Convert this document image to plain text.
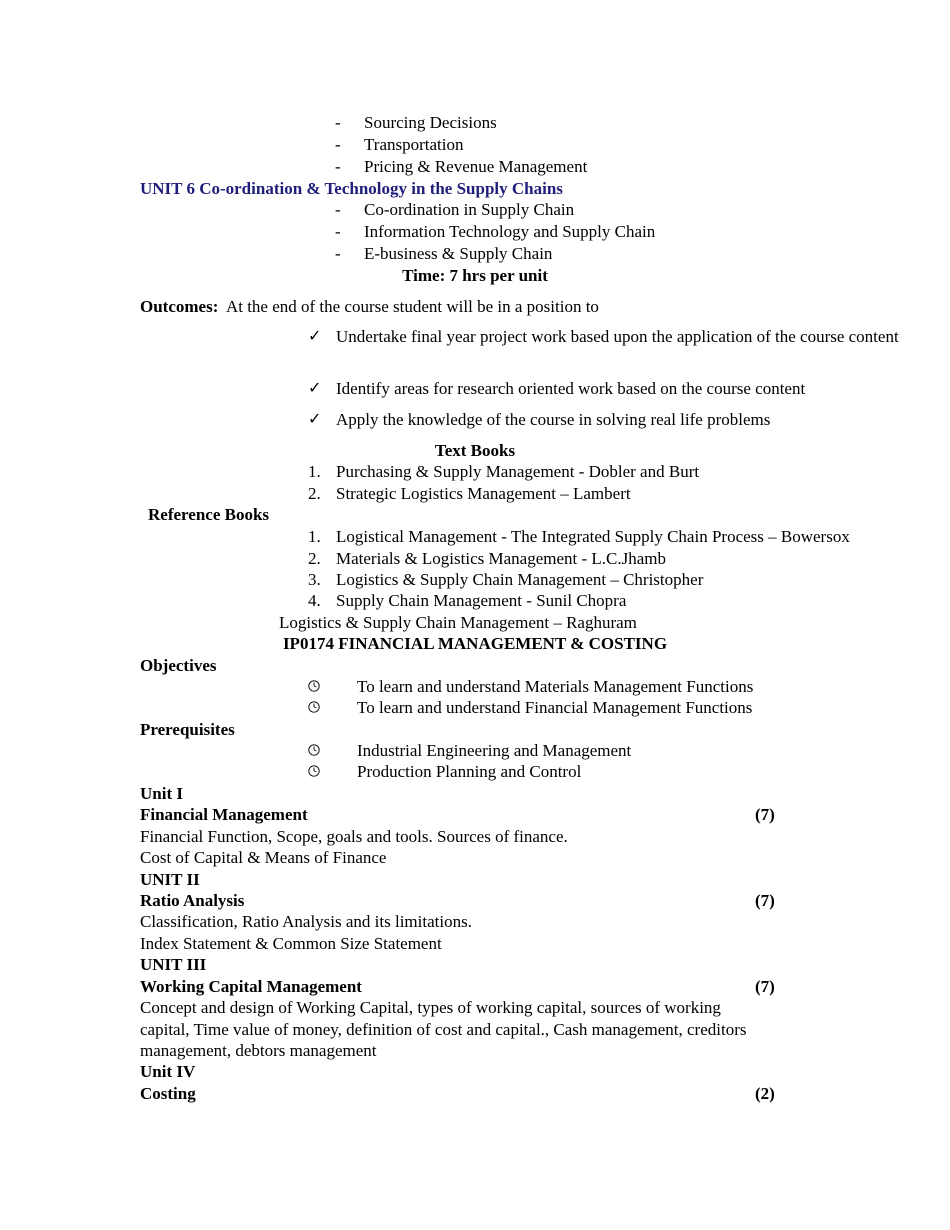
- Sourcing Decisions
- Transportation
- Pricing & Revenue Management
UNIT 6 Co-ordination & Technology in the Supply Chains
- Co-ordination in Supply Chain
- Information Technology and Supply Chain
- E-business & Supply Chain
Time: 7 hrs per unit
Outcomes: At the end of the course student will be in a position to
✓ Undertake final year project work based upon the application of the course content
✓ Identify areas for research oriented work based on the course content
✓ Apply the knowledge of the course in solving real life problems
Text Books
1. Purchasing & Supply Management - Dobler and Burt
2. Strategic Logistics Management – Lambert
Reference Books
1. Logistical Management - The Integrated Supply Chain Process – Bowersox
2. Materials & Logistics Management - L.C.Jhamb
3. Logistics & Supply Chain Management – Christopher
4. Supply Chain Management - Sunil Chopra
Logistics & Supply Chain Management – Raghuram
IP0174 FINANCIAL MANAGEMENT & COSTING
Objectives
To learn and understand Materials Management Functions
To learn and understand Financial Management Functions
Prerequisites
Industrial Engineering and Management
Production Planning and Control
Unit I
Financial Management	(7)
Financial Function, Scope, goals and tools. Sources of finance.
Cost of Capital & Means of Finance
UNIT II
Ratio Analysis	(7)
Classification, Ratio Analysis and its limitations.
Index Statement & Common Size Statement
UNIT III
Working Capital Management	(7)
Concept and design of Working Capital, types of working capital, sources of working
capital, Time value of money, definition of cost and capital., Cash management, creditors
management, debtors management
Unit IV
Costing	(2)
